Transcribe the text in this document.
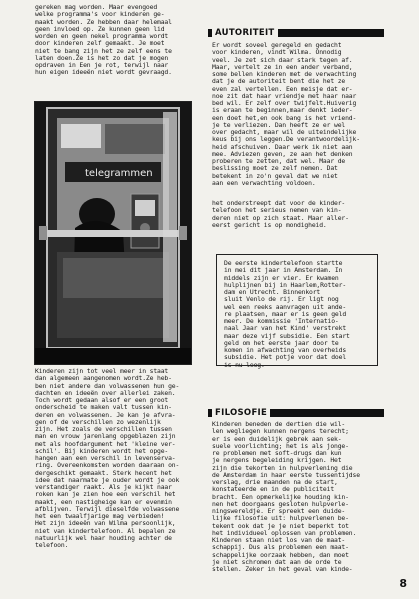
gereken mag worden. Maar evengoed
welke programma's voor kinderen ge-
maakt worden. Ze hebben daar helemaal
geen invloed op. Ze kunnen geen lid
worden en geen nekel programma wordt
door kinderen zelf gemaakt. Je moet
niet te bang zijn het ze zelf eens te
laten doen.Ze is het zo dat je mogen
opdraven in Een je rot, terwijl naar
hun eigen ideeën niet wordt gevraagd.
telegrammen
Kinderen zijn tot veel meer in staat
dan algemeen aangenomen wordt.Ze heb-
ben niet andere dan volwassenen hun ge-
dachten en ideeën over allerlei zaken.
Toch wordt gedaan alsof er een groot
onderscheid te maken valt tussen kin-
deren en volwassenen. Je kan je afvra-
gen of de verschillen zo wezenlijk
zijn. Het zoals de verschillen tussen
man en vrouw jarenlang opgeblazen zijn
met als hoofdargument het 'kleine ver-
schil'. Bij kinderen wordt het opge-
hangen aan een verschil in levenserva-
ring. Overeenkomsten worden daaraan on-
dergeschikt gemaakt. Sterk hecent het
idee dat naarmate je ouder wordt je ook
verstandiger raakt. Als je kijkt naar
roken kan je zien hoe een verschil het
maakt, een nastigheige kan er evenmin
afblijven. Terwijl dieselfde volwassene
het een twaalfjarige mag verbieden!
Het zijn ideeën van Wilma persoonlijk,
niet van kindertelefoon. Al bepalen ze
natuurlijk wel haar houding achter de
telefoon.
AUTORITEIT
Er wordt soveel geregeld en gedacht
voor kinderen, vindt Wilma. Onnodig
veel. Je zet sich daar stark tegen af.
Maar, vertelt ze in een ander verband,
some bellen kinderen met de verwachting
dat je de autoriteit bent die het ze
even zal vertellen. Een meisje dat er-
noe zit dat haar vriendje met haar naar
bed wil. Er zelf over twijfelt.Huiverig
is eraan te beginnen,maar denkt ieder-
een doet het,en ook bang is het vriend-
je te verliezen. Dan heeft ze er wel
over gedacht, maar wil de uiteindelijke
keus bij ons leggen.De verantwoordelijk-
heid afschuiven. Daar werk ik niet aan
mee. Adviezen geven, ze aan het denken
proberen te zetten, dat wel. Maar de
beslissing moet ze zelf nemen. Dat
betekent in zo'n geval dat we niet
aan een verwachting voldoen.
het onderstreept dat voor de kinder-
telefoon het serieus nemen van kin-
deren niet op zich staat. Maar aller-
eerst gericht is op mondigheid.
De eerste kindertelefoon startte
in mei dit jaar in Amsterdam. In
middels zijn er vier. Er kwamen
hulplijnen bij in Haarlem,Rotter-
dam en Utrecht. Binnenkort
sluit Venlo de rij. Er ligt nog
wel een reeks aanvragen uit ande-
re plaatsen, maar er is geen geld
meer. De kommissie 'Internatio-
naal Jaar van het Kind' verstrekt
maar deze vijf subsidie. Een start
geld om het eerste jaar door te
komen in afwachting van overheids
subsidie. Het potje voor dat doel
is nu leeg.
FILOSOFIE
Kinderen beneden de dertien die wil-
len wegliegen kunnen nergens terecht;
er is een duidelijk gebrek aan sek-
suele voorlichting; het is als jonge-
re problemen met soft-drugs dan kun
je nergens begeleiding krijgen. Het
zijn die tekorten in hulpverlening die
de Amsterdam in haar eerste tussentijdse
verslag, drie maanden na de start,
konstateerde en in de publiciteit
bracht. Een opmerkelijke houding kin-
nen het doorgaans gesloten hulpverle-
ningswereldje. Er spreekt een duide-
lijke filosofie uit: hulpverlenen be-
tekent ook dat je je niet beperkt tot
het individueel oplossen van problemen.
Kinderen staan niet los van de maat-
schappij. Dus als problemen een maat-
schappelijke oorzaak hebben, dan moet
je niet schromen dat aan de orde te
stellen. Zeker in het geval van kinde-
8
